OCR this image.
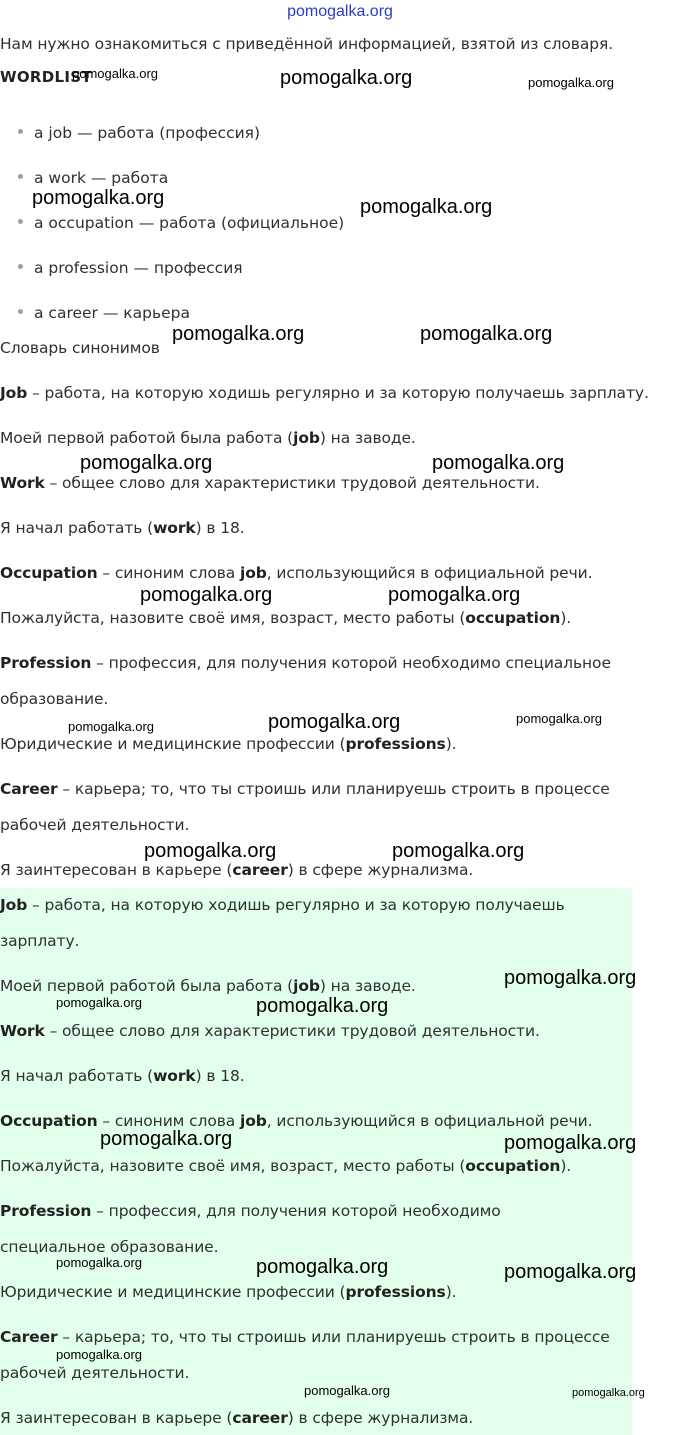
pomogalka.org
Нам нужно ознакомиться с приведённой информацией, взятой из словаря.
WORDLIST
a job — работа (профессия)
a work — работа
a occupation — работа (официальное)
a profession — профессия
a career — карьера
Словарь синонимов
Job – работа, на которую ходишь регулярно и за которую получаешь зарплату.
Моей первой работой была работа (job) на заводе.
Work – общее слово для характеристики трудовой деятельности.
Я начал работать (work) в 18.
Occupation – синоним слова job, использующийся в официальной речи.
Пожалуйста, назовите своё имя, возраст, место работы (occupation).
Profession – профессия, для получения которой необходимо специальное
образование.
Юридические и медицинские профессии (professions).
Career – карьера; то, что ты строишь или планируешь строить в процессе
рабочей деятельности.
Я заинтересован в карьере (career) в сфере журнализма.
Job – работа, на которую ходишь регулярно и за которую получаешь
зарплату.
Моей первой работой была работа (job) на заводе.
Work – общее слово для характеристики трудовой деятельности.
Я начал работать (work) в 18.
Occupation – синоним слова job, использующийся в официальной речи.
Пожалуйста, назовите своё имя, возраст, место работы (occupation).
Profession – профессия, для получения которой необходимо
специальное образование.
Юридические и медицинские профессии (professions).
Career – карьера; то, что ты строишь или планируешь строить в процессе
рабочей деятельности.
Я заинтересован в карьере (career) в сфере журнализма.
pomogalka.org	pomogalka.org	pomogalka.org
pomogalka.org	pomogalka.org
pomogalka.org	pomogalka.org
pomogalka.org	pomogalka.org
pomogalka.org	pomogalka.org
pomogalka.org	pomogalka.org	pomogalka.org
pomogalka.org	pomogalka.org
pomogalka.org
pomogalka.org	pomogalka.org
pomogalka.org	pomogalka.org
pomogalka.org	pomogalka.org	pomogalka.org
pomogalka.org
pomogalka.org	pomogalka.org
